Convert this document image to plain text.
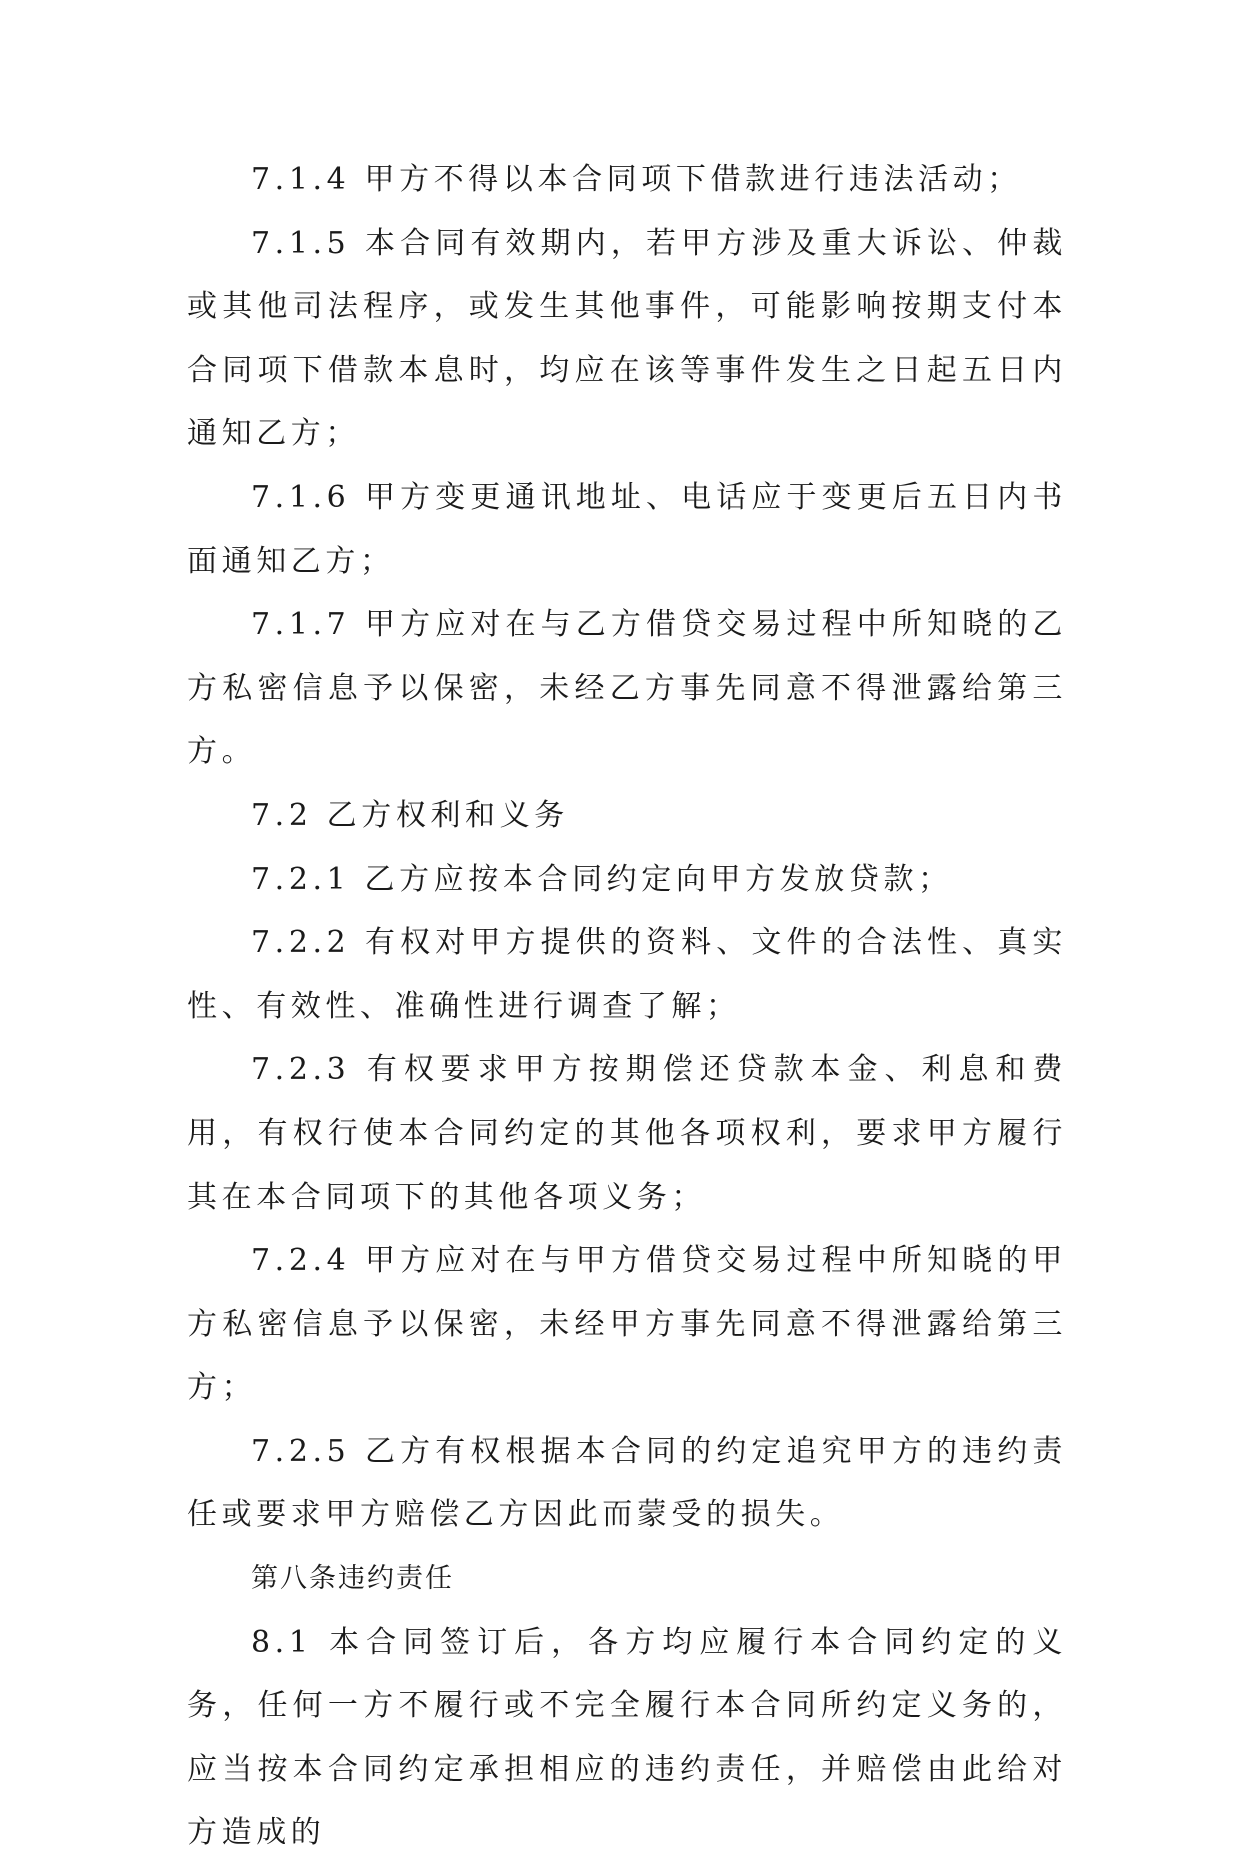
7.1.4 甲方不得以本合同项下借款进行违法活动；

7.1.5 本合同有效期内，若甲方涉及重大诉讼、仲裁或其他司法程序，或发生其他事件，可能影响按期支付本合同项下借款本息时，均应在该等事件发生之日起五日内通知乙方；

7.1.6 甲方变更通讯地址、电话应于变更后五日内书面通知乙方；

7.1.7 甲方应对在与乙方借贷交易过程中所知晓的乙方私密信息予以保密，未经乙方事先同意不得泄露给第三方。

7.2 乙方权利和义务

7.2.1 乙方应按本合同约定向甲方发放贷款；

7.2.2 有权对甲方提供的资料、文件的合法性、真实性、有效性、准确性进行调查了解；

7.2.3 有权要求甲方按期偿还贷款本金、利息和费用，有权行使本合同约定的其他各项权利，要求甲方履行其在本合同项下的其他各项义务；

7.2.4 甲方应对在与甲方借贷交易过程中所知晓的甲方私密信息予以保密，未经甲方事先同意不得泄露给第三方；

7.2.5 乙方有权根据本合同的约定追究甲方的违约责任或要求甲方赔偿乙方因此而蒙受的损失。

第八条违约责任

8.1 本合同签订后，各方均应履行本合同约定的义务，任何一方不履行或不完全履行本合同所约定义务的，应当按本合同约定承担相应的违约责任，并赔偿由此给对方造成的
